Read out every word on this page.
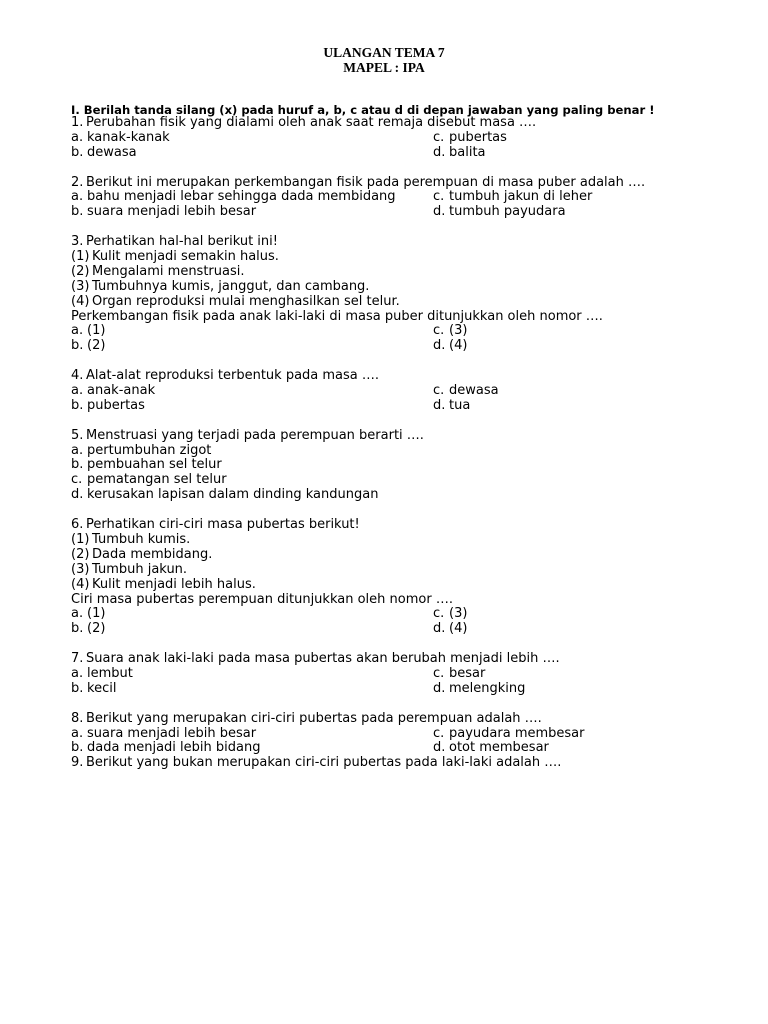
ULANGAN TEMA 7
MAPEL : IPA
I. Berilah tanda silang (x) pada huruf a, b, c atau d di depan jawaban yang paling benar !
1. Perubahan fisik yang dialami oleh anak saat remaja disebut masa ….
a. kanak-kanak	c. pubertas
b. dewasa	d. balita
2. Berikut ini merupakan perkembangan fisik pada perempuan di masa puber adalah ….
a. bahu menjadi lebar sehingga dada membidang	c. tumbuh jakun di leher
b. suara menjadi lebih besar	d. tumbuh payudara
3. Perhatikan hal-hal berikut ini!
(1) Kulit menjadi semakin halus.
(2) Mengalami menstruasi.
(3) Tumbuhnya kumis, janggut, dan cambang.
(4) Organ reproduksi mulai menghasilkan sel telur.
Perkembangan fisik pada anak laki-laki di masa puber ditunjukkan oleh nomor ….
a. (1)	c. (3)
b. (2)	d. (4)
4. Alat-alat reproduksi terbentuk pada masa ….
a. anak-anak	c. dewasa
b. pubertas	d. tua
5. Menstruasi yang terjadi pada perempuan berarti ….
a. pertumbuhan zigot
b. pembuahan sel telur
c. pematangan sel telur
d. kerusakan lapisan dalam dinding kandungan
6. Perhatikan ciri-ciri masa pubertas berikut!
(1) Tumbuh kumis.
(2) Dada membidang.
(3) Tumbuh jakun.
(4) Kulit menjadi lebih halus.
Ciri masa pubertas perempuan ditunjukkan oleh nomor ….
a. (1)	c. (3)
b. (2)	d. (4)
7. Suara anak laki-laki pada masa pubertas akan berubah menjadi lebih ….
a. lembut	c. besar
b. kecil	d. melengking
8. Berikut yang merupakan ciri-ciri pubertas pada perempuan adalah ….
a. suara menjadi lebih besar	c. payudara membesar
b. dada menjadi lebih bidang	d. otot membesar
9. Berikut yang bukan merupakan ciri-ciri pubertas pada laki-laki adalah ….
